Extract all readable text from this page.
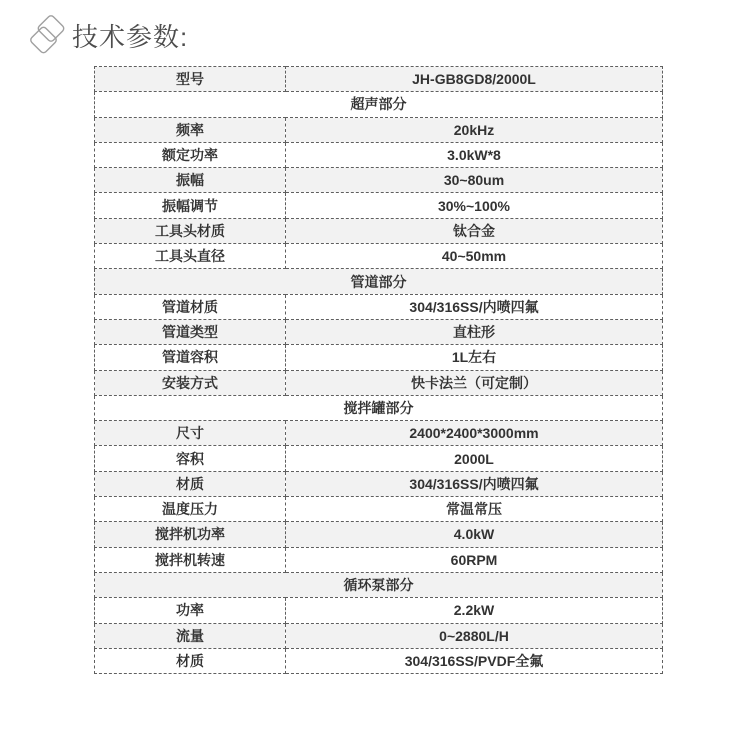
技术参数:
型号	JH-GB8GD8/2000L
超声部分	
频率	20kHz
额定功率	3.0kW*8
振幅	30~80um
振幅调节	30%~100%
工具头材质	钛合金
工具头直径	40~50mm
管道部分	
管道材质	304/316SS/内喷四氟
管道类型	直柱形
管道容积	1L左右
安装方式	快卡法兰（可定制）
搅拌罐部分	
尺寸	2400*2400*3000mm
容积	2000L
材质	304/316SS/内喷四氟
温度压力	常温常压
搅拌机功率	4.0kW
搅拌机转速	60RPM
循环泵部分	
功率	2.2kW
流量	0~2880L/H
材质	304/316SS/PVDF全氟
